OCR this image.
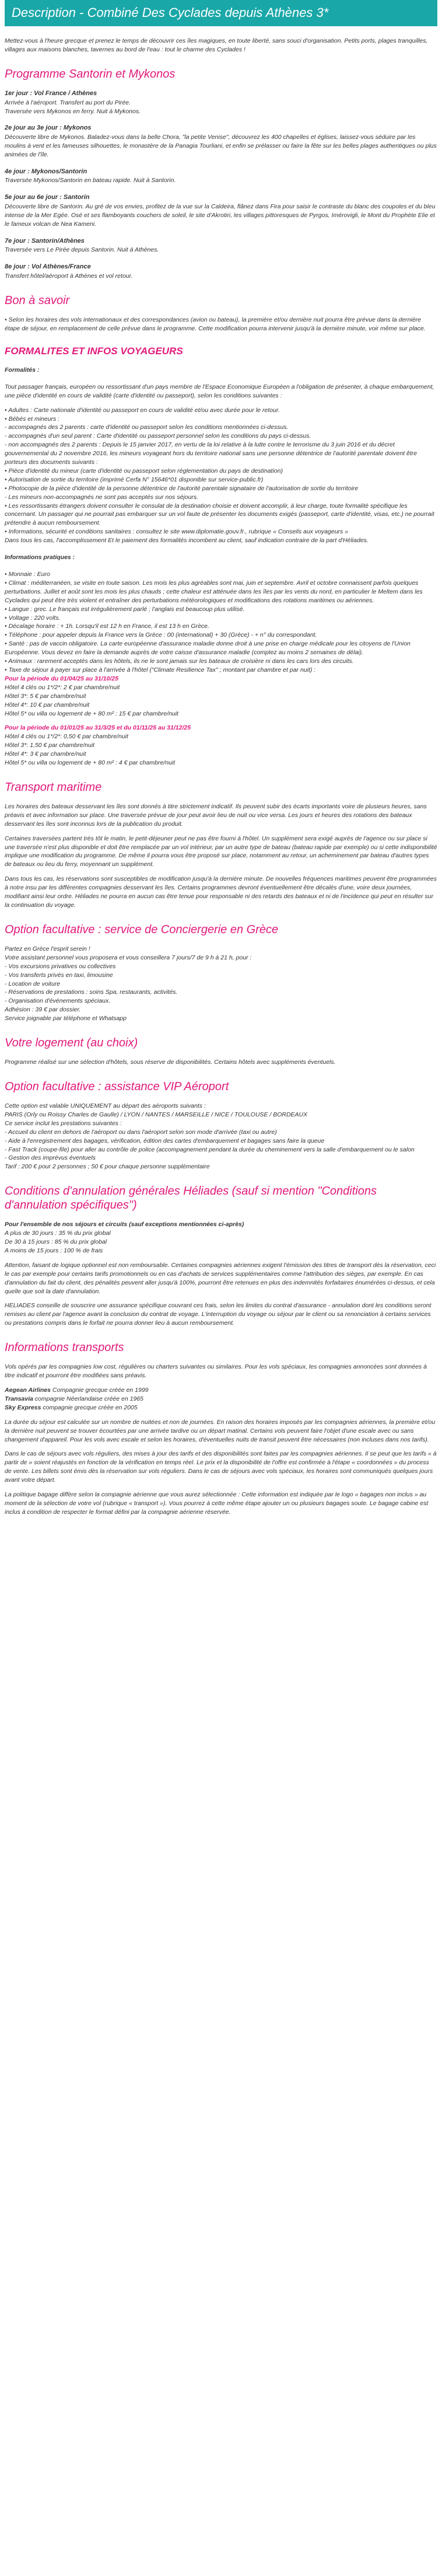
Description - Combiné Des Cyclades depuis Athènes 3*

Mettez-vous à l'heure grecque et prenez le temps de découvrir ces îles magiques, en toute liberté, sans souci d'organisation. Petits ports, plages tranquilles, villages aux maisons blanches, tavernes au bord de l'eau : tout le charme des Cyclades !

Programme Santorin et Mykonos
1er jour : Vol France / Athènes

Arrivée à l'aéroport. Transfert au port du Pirée.

Traversée vers Mykonos en ferry. Nuit à Mykonos.

2e jour au 3e jour : Mykonos

Découverte libre de Mykonos. Baladez-vous dans la belle Chora, "la petite Venise", découvrez les 400 chapelles et églises, laissez-vous séduire par les moulins à vent et les fameuses silhouettes, le monastère de la Panagia Tourliani, et enfin se prélasser ou faire la fête sur les belles plages authentiques ou plus animées de l'île.

4e jour : Mykonos/Santorin

Traversée Mykonos/Santorin en bateau rapide. Nuit à Santorin.

5e jour au 6e jour : Santorin

Découverte libre de Santorin. Au gré de vos envies, profitez de la vue sur la Caldeira, flânez dans Fira pour saisir le contraste du blanc des coupoles et du bleu intense de la Mer Egée. Osé et ses flamboyants couchers de soleil, le site d'Akrotiri, les villages pittoresques de Pyrgos, Imérovigli, le Mont du Prophète Elie et le fameux volcan de Nea Kameni.

7e jour : Santorin/Athènes

Traversée vers Le Pirée depuis Santorin. Nuit à Athènes.

8e jour : Vol Athènes/France

Transfert hôtel/aéroport à Athènes et vol retour.

Bon à savoir

• Selon les horaires des vols internationaux et des correspondances (avion ou bateau), la première et/ou dernière nuit pourra être prévue dans la dernière étape de séjour, en remplacement de celle prévue dans le programme. Cette modification pourra intervenir jusqu'à la dernière minute, voir même sur place.

FORMALITES ET INFOS VOYAGEURS
Formalités :

Tout passager français, européen ou ressortissant d'un pays membre de l'Espace Economique Européen a l'obligation de présenter, à chaque embarquement, une pièce d'identité en cours de validité (carte d'identité ou passeport), selon les conditions suivantes :

• Adultes : Carte nationale d'identité ou passeport en cours de validité et/ou avec durée pour le retour.
• Bébés et mineurs :
- accompagnés des 2 parents : carte d'identité ou passeport selon les conditions mentionnées ci-dessus.
- accompagnés d'un seul parent : Carte d'identité ou passeport personnel selon les conditions du pays ci-dessus.
- non accompagnés des 2 parents : Depuis le 15 janvier 2017, en vertu de la loi relative à la lutte contre le terrorisme du 3 juin 2016 et du décret gouvernemental du 2 novembre 2016, les mineurs voyageant hors du territoire national sans une personne détentrice de l'autorité parentale doivent être porteurs des documents suivants :
• Pièce d'identité du mineur (carte d'identité ou passeport selon réglementation du pays de destination)
• Autorisation de sortie du territoire (imprimé Cerfa N° 15646*01 disponible sur service-public.fr)
• Photocopie de la pièce d'identité de la personne détentrice de l'autorité parentale signataire de l'autorisation de sortie du territoire
- Les mineurs non-accompagnés ne sont pas acceptés sur nos séjours.
• Les ressortissants étrangers doivent consulter le consulat de la destination choisie et doivent accomplir, à leur charge, toute formalité spécifique les concernant. Un passager qui ne pourrait pas embarquer sur un vol faute de présenter les documents exigés (passeport, carte d'identité, visas, etc.) ne pourrait prétendre à aucun remboursement.
• Informations, sécurité et conditions sanitaires : consultez le site www.diplomatie.gouv.fr., rubrique « Conseils aux voyageurs »
Dans tous les cas, l'accomplissement Et le paiement des formalités incombent au client, sauf indication contraire de la part d'Héliades.
Informations pratiques :
• Monnaie : Euro
• Climat : méditerranéen, se visite en toute saison. Les mois les plus agréables sont mai, juin et septembre. Avril et octobre connaissent parfois quelques perturbations. Juillet et août sont les mois les plus chauds ; cette chaleur est atténuée dans les îles par les vents du nord, en particulier le Meltem dans les Cyclades qui peut être très violent et entraîner des perturbations météorologiques et modifications des rotations maritimes ou aériennes.
• Langue : grec. Le français est irrégulièrement parlé ; l'anglais est beaucoup plus utilisé.
• Voltage : 220 volts.
• Décalage horaire : + 1h. Lorsqu'il est 12 h en France, il est 13 h en Grèce.
• Téléphone : pour appeler depuis la France vers la Grèce : 00 (international) + 30 (Grèce) - + n° du correspondant.
• Santé : pas de vaccin obligatoire. La carte européenne d'assurance maladie donne droit à une prise en charge médicale pour les citoyens de l'Union Européenne. Vous devez en faire la demande auprès de votre caisse d'assurance maladie (comptez au moins 2 semaines de délai).
• Animaux : rarement acceptés dans les hôtels, ils ne le sont jamais sur les bateaux de croisière ni dans les cars lors des circuits.
• Taxe de séjour à payer sur place à l'arrivée à l'hôtel ("Climate Resilience Tax" ; montant par chambre et par nuit) :
Pour la période du 01/04/25 au 31/10/25
Hôtel 4 clés ou 1*/2*: 2 € par chambre/nuit
Hôtel 3*: 5 € par chambre/nuit
Hôtel 4*: 10 € par chambre/nuit
Hôtel 5* ou villa ou logement de + 80 m² : 15 € par chambre/nuit
Pour la période du 01/01/25 au 31/3/25 et du 01/11/25 au 31/12/25
Hôtel 4 clés ou 1*/2*: 0,50 € par chambre/nuit
Hôtel 3*: 1,50 € par chambre/nuit
Hôtel 4*: 3 € par chambre/nuit
Hôtel 5* ou villa ou logement de + 80 m² : 4 € par chambre/nuit
Transport maritime

Les horaires des bateaux desservant les îles sont donnés à titre strictement indicatif. Ils peuvent subir des écarts importants voire de plusieurs heures, sans préavis et avec information sur place. Une traversée prévue de jour peut avoir lieu de nuit ou vice versa. Les jours et heures des rotations des bateaux desservant les îles sont inconnus lors de la publication du produit.

Certaines traversées partent très tôt le matin, le petit-déjeuner peut ne pas être fourni à l'hôtel. Un supplément sera exigé auprès de l'agence ou sur place si une traversée n'est plus disponible et doit être remplacée par un vol intérieur, par un autre type de bateau (bateau rapide par exemple) ou si cette indisponibilité implique une modification du programme. De même il pourra vous être proposé sur place, notamment au retour, un acheminement par bateau d'autres types de bateaux ou lieu du ferry, moyennant un supplément.

Dans tous les cas, les réservations sont susceptibles de modification jusqu'à la dernière minute. De nouvelles fréquences maritimes peuvent être programmées à notre insu par les différentes compagnies desservant les îles. Certains programmes devront éventuellement être décalés d'une, voire deux journées, modifiant ainsi leur ordre. Héliades ne pourra en aucun cas être tenue pour responsable ni des retards des bateaux et ni de l'incidence qui peut en résulter sur la continuation du voyage.

Option facultative : service de Conciergerie en Grèce
Partez en Grèce l'esprit serein !
Votre assistant personnel vous proposera et vous conseillera 7 jours/7 de 9 h à 21 h, pour :
- Vos excursions privatives ou collectives
- Vos transferts privés en taxi, limousine
- Location de voiture
- Réservations de prestations : soins Spa, restaurants, activités.
- Organisation d'événements spéciaux.
Adhésion : 39 € par dossier.
Service joignable par téléphone et Whatsapp
Votre logement (au choix)

Programme réalisé sur une sélection d'hôtels, sous réserve de disponibilités. Certains hôtels avec suppléments éventuels.

Option facultative : assistance VIP Aéroport
Cette option est valable UNIQUEMENT au départ des aéroports suivants :
PARIS (Orly ou Roissy Charles de Gaulle) / LYON / NANTES / MARSEILLE / NICE / TOULOUSE / BORDEAUX
Ce service inclut les prestations suivantes :
- Accueil du client en dehors de l'aéroport ou dans l'aéroport selon son mode d'arrivée (taxi ou autre)
- Aide à l'enregistrement des bagages, vérification, édition des cartes d'embarquement et bagages sans faire la queue
- Fast Track (coupe-file) pour aller au contrôle de police (accompagnement pendant la durée du cheminement vers la salle d'embarquement ou le salon
- Gestion des imprévus éventuels
Tarif : 200 € pour 2 personnes ; 50 € pour chaque personne supplémentaire
Conditions d'annulation générales Héliades (sauf si mention "Conditions d'annulation spécifiques")
Pour l'ensemble de nos séjours et circuits (sauf exceptions mentionnées ci-après)
A plus de 30 jours : 35 % du prix global
De 30 à 15 jours : 85 % du prix global
A moins de 15 jours : 100 % de frais

Attention, faisant de logique optionnel est non remboursable. Certaines compagnies aériennes exigent l'émission des titres de transport dès la réservation, ceci le cas par exemple pour certains tarifs promotionnels ou en cas d'achats de services supplémentaires comme l'attribution des sièges, par exemple. En cas d'annulation du fait du client, des pénalités peuvent aller jusqu'à 100%, pourront être retenues en plus des indemnités forfaitaires énumérées ci-dessus, et cela quelle que soit la date d'annulation.

HELIADES conseille de souscrire une assurance spécifique couvrant ces frais, selon les limites du contrat d'assurance - annulation dont les conditions seront remises au client par l'agence avant la conclusion du contrat de voyage. L'interruption du voyage ou séjour par le client ou sa renonciation à certains services ou prestations compris dans le forfait ne pourra donner lieu à aucun remboursement.

Informations transports

Vols opérés par les compagnies low cost, régulières ou charters suivantes ou similaires. Pour les vols spéciaux, les compagnies annoncées sont données à titre indicatif et pourront être modifiées sans préavis.

Aegean Airlines Compagnie grecque créée en 1999
Transavia compagnie Néerlandaise créée en 1965
Sky Express compagnie grecque créée en 2005

La durée du séjour est calculée sur un nombre de nuitées et non de journées. En raison des horaires imposés par les compagnies aériennes, la première et/ou la dernière nuit peuvent se trouver écourtées par une arrivée tardive ou un départ matinal. Certains vols peuvent faire l'objet d'une escale avec ou sans changement d'appareil. Pour les vols avec escale et selon les horaires, d'éventuelles nuits de transit peuvent être nécessaires (non incluses dans nos tarifs).

Dans le cas de séjours avec vols réguliers, des mises à jour des tarifs et des disponibilités sont faites par les compagnies aériennes. Il se peut que les tarifs « à partir de » soient réajustés en fonction de la vérification en temps réel. Le prix et la disponibilité de l'offre est confirmée à l'étape « coordonnées » du process de vente. Les billets sont émis dès la réservation sur vols réguliers. Dans le cas de séjours avec vols spéciaux, les horaires sont communiqués quelques jours avant votre départ.

La politique bagage diffère selon la compagnie aérienne que vous aurez sélectionnée : Cette information est indiquée par le logo « bagages non inclus » au moment de la sélection de votre vol (rubrique « transport »). Vous pourrez à cette même étape ajouter un ou plusieurs bagages soute. Le bagage cabine est inclus à condition de respecter le format défini par la compagnie aérienne réservée.
